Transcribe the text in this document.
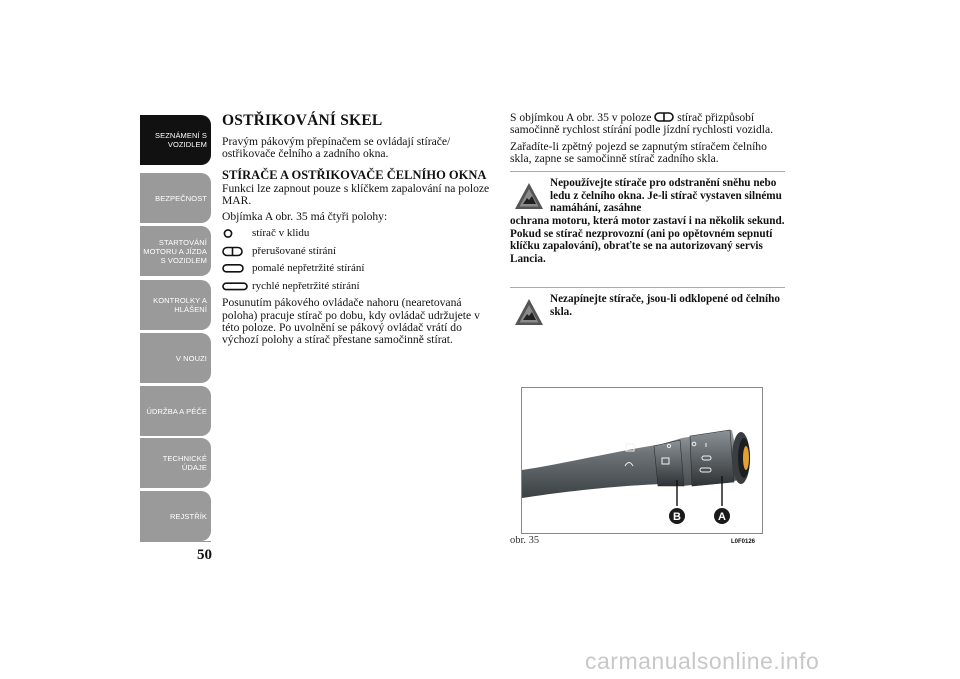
SEZNÁMENÍ S
VOZIDLEM
BEZPEČNOST
STARTOVÁNÍ
MOTORU A JÍZDA
S VOZIDLEM
KONTROLKY A
HLÁŠENÍ
V NOUZI
ÚDRŽBA A PÉČE
TECHNICKÉ
ÚDAJE
REJSTŘÍK
50
OSTŘIKOVÁNÍ SKEL

Pravým pákovým přepínačem se ovládají stírače/ ostřikovače čelního a zadního okna.

STÍRAČE A OSTŘIKOVAČE ČELNÍHO OKNA

Funkci lze zapnout pouze s klíčkem zapalování na poloze MAR.

Objímka A obr. 35 má čtyři polohy:

stírač v klidu
přerušované stírání
pomalé nepřetržité stírání
rychlé nepřetržité stírání

Posunutím pákového ovládače nahoru (nearetovaná poloha) pracuje stírač po dobu, kdy ovládač udržujete v této poloze. Po uvolnění se pákový ovládač vrátí do výchozí polohy a stírač přestane samočinně stírat.

S objímkou A obr. 35 v poloze stírač přizpůsobí samočinně rychlost stírání podle jízdní rychlosti vozidla.

Zařadíte-li zpětný pojezd se zapnutým stíračem čelního skla, zapne se samočinně stírač zadního skla.

Nepoužívejte stírače pro odstranění sněhu nebo ledu z čelního okna. Je-li stírač vystaven silnému namáhání, zasáhne
ochrana motoru, která motor zastaví i na několik sekund. Pokud se stírač nezprovozní (ani po opětovném sepnutí klíčku zapalování), obraťte se na autorizovaný servis Lancia.

Nezapínejte stírače, jsou-li odklopené od čelního skla.

B	A
obr. 35	L0F0126
carmanualsonline.info
